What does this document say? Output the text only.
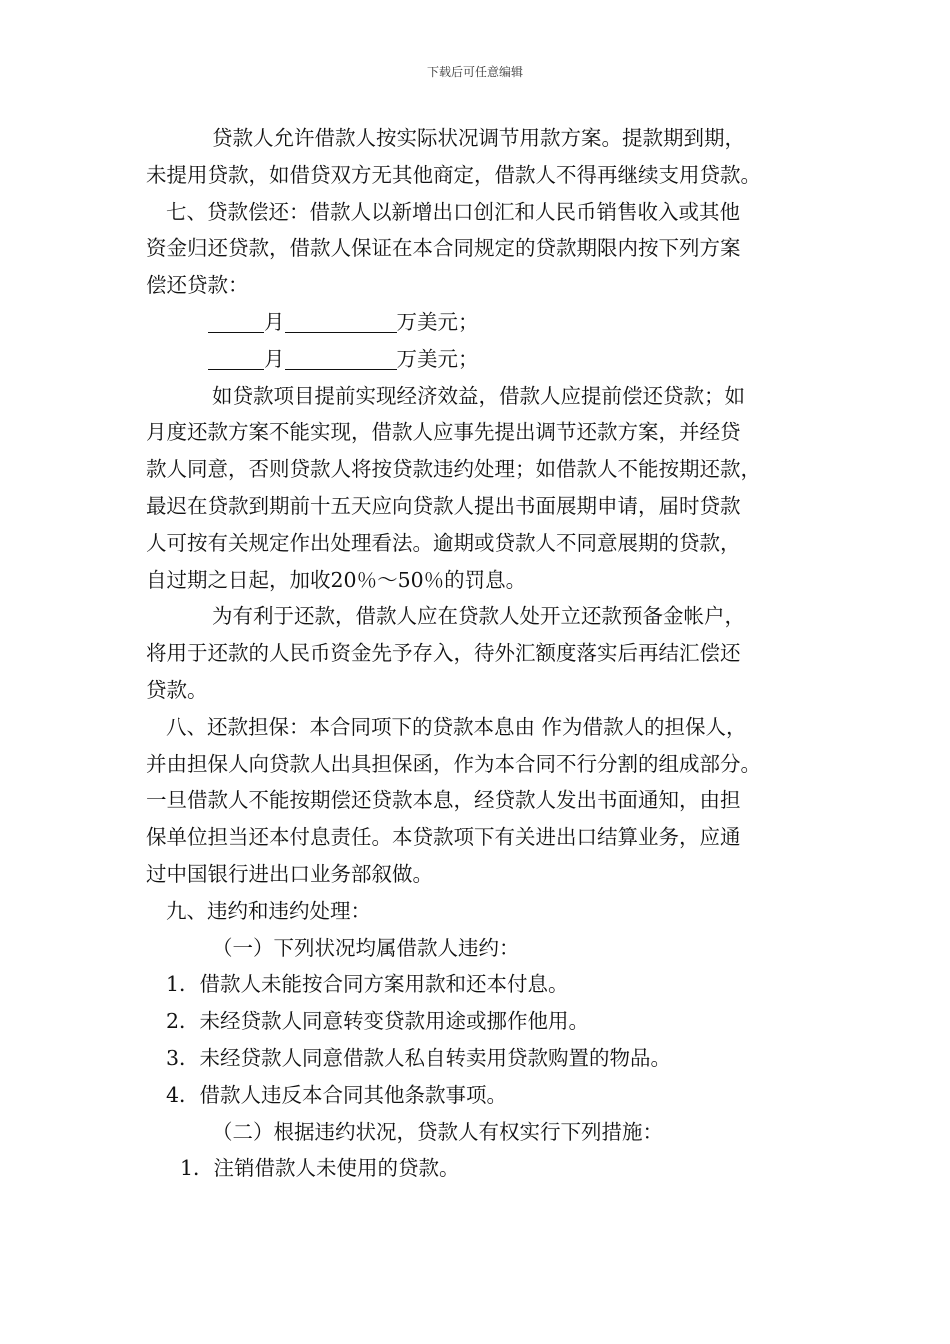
下载后可任意编辑
贷款人允许借款人按实际状况调节用款方案。提款期到期，
未提用贷款，如借贷双方无其他商定，借款人不得再继续支用贷款。
七、贷款偿还：借款人以新增出口创汇和人民币销售收入或其他
资金归还贷款，借款人保证在本合同规定的贷款期限内按下列方案
偿还贷款：
月	万美元；
月	万美元；
如贷款项目提前实现经济效益，借款人应提前偿还贷款；如
月度还款方案不能实现，借款人应事先提出调节还款方案，并经贷
款人同意，否则贷款人将按贷款违约处理；如借款人不能按期还款，
最迟在贷款到期前十五天应向贷款人提出书面展期申请，届时贷款
人可按有关规定作出处理看法。逾期或贷款人不同意展期的贷款，
自过期之日起，加收20％～50％的罚息。
为有利于还款，借款人应在贷款人处开立还款预备金帐户，
将用于还款的人民币资金先予存入，待外汇额度落实后再结汇偿还
贷款。
八、还款担保：本合同项下的贷款本息由 作为借款人的担保人，
并由担保人向贷款人出具担保函，作为本合同不行分割的组成部分。
一旦借款人不能按期偿还贷款本息，经贷款人发出书面通知，由担
保单位担当还本付息责任。本贷款项下有关进出口结算业务，应通
过中国银行进出口业务部叙做。
九、违约和违约处理：
（一）下列状况均属借款人违约：
1．借款人未能按合同方案用款和还本付息。
2．未经贷款人同意转变贷款用途或挪作他用。
3．未经贷款人同意借款人私自转卖用贷款购置的物品。
4．借款人违反本合同其他条款事项。
（二）根据违约状况，贷款人有权实行下列措施：
1．注销借款人未使用的贷款。
